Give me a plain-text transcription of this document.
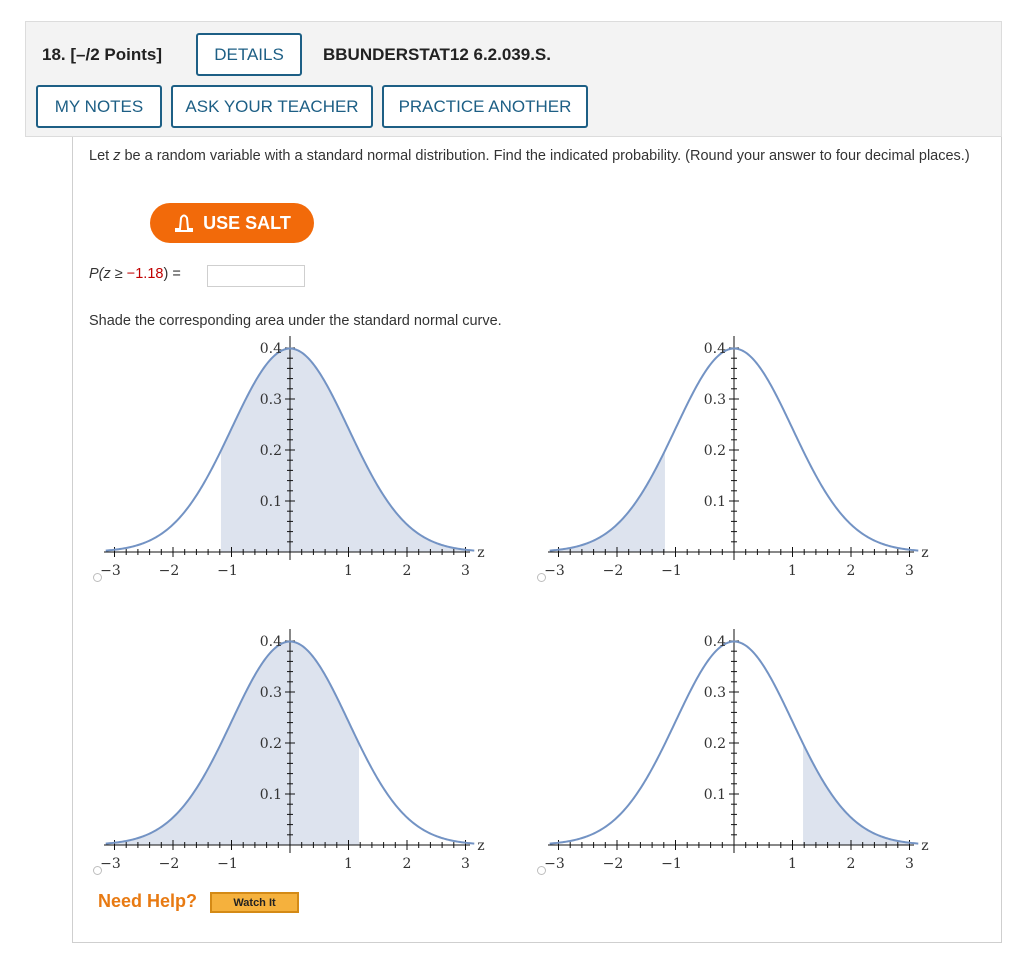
18. [–/2 Points]	DETAILS	BBUNDERSTAT12 6.2.039.S.
MY NOTES	ASK YOUR TEACHER	PRACTICE ANOTHER
Let z be a random variable with a standard normal distribution. Find the indicated probability. (Round your answer to four decimal places.)
USE SALT
P(z ≥ −1.18) =
Shade the corresponding area under the standard normal curve.
0.4
0.3
0.2
0.1
−3	−2	−1	1	2	3
z
0.4
0.3
0.2
0.1
−3	−2	−1	1	2	3
z
0.4
0.3
0.2
0.1
−3	−2	−1	1	2	3
z
0.4
0.3
0.2
0.1
−3	−2	−1	1	2	3
z
Need Help?	Watch It
